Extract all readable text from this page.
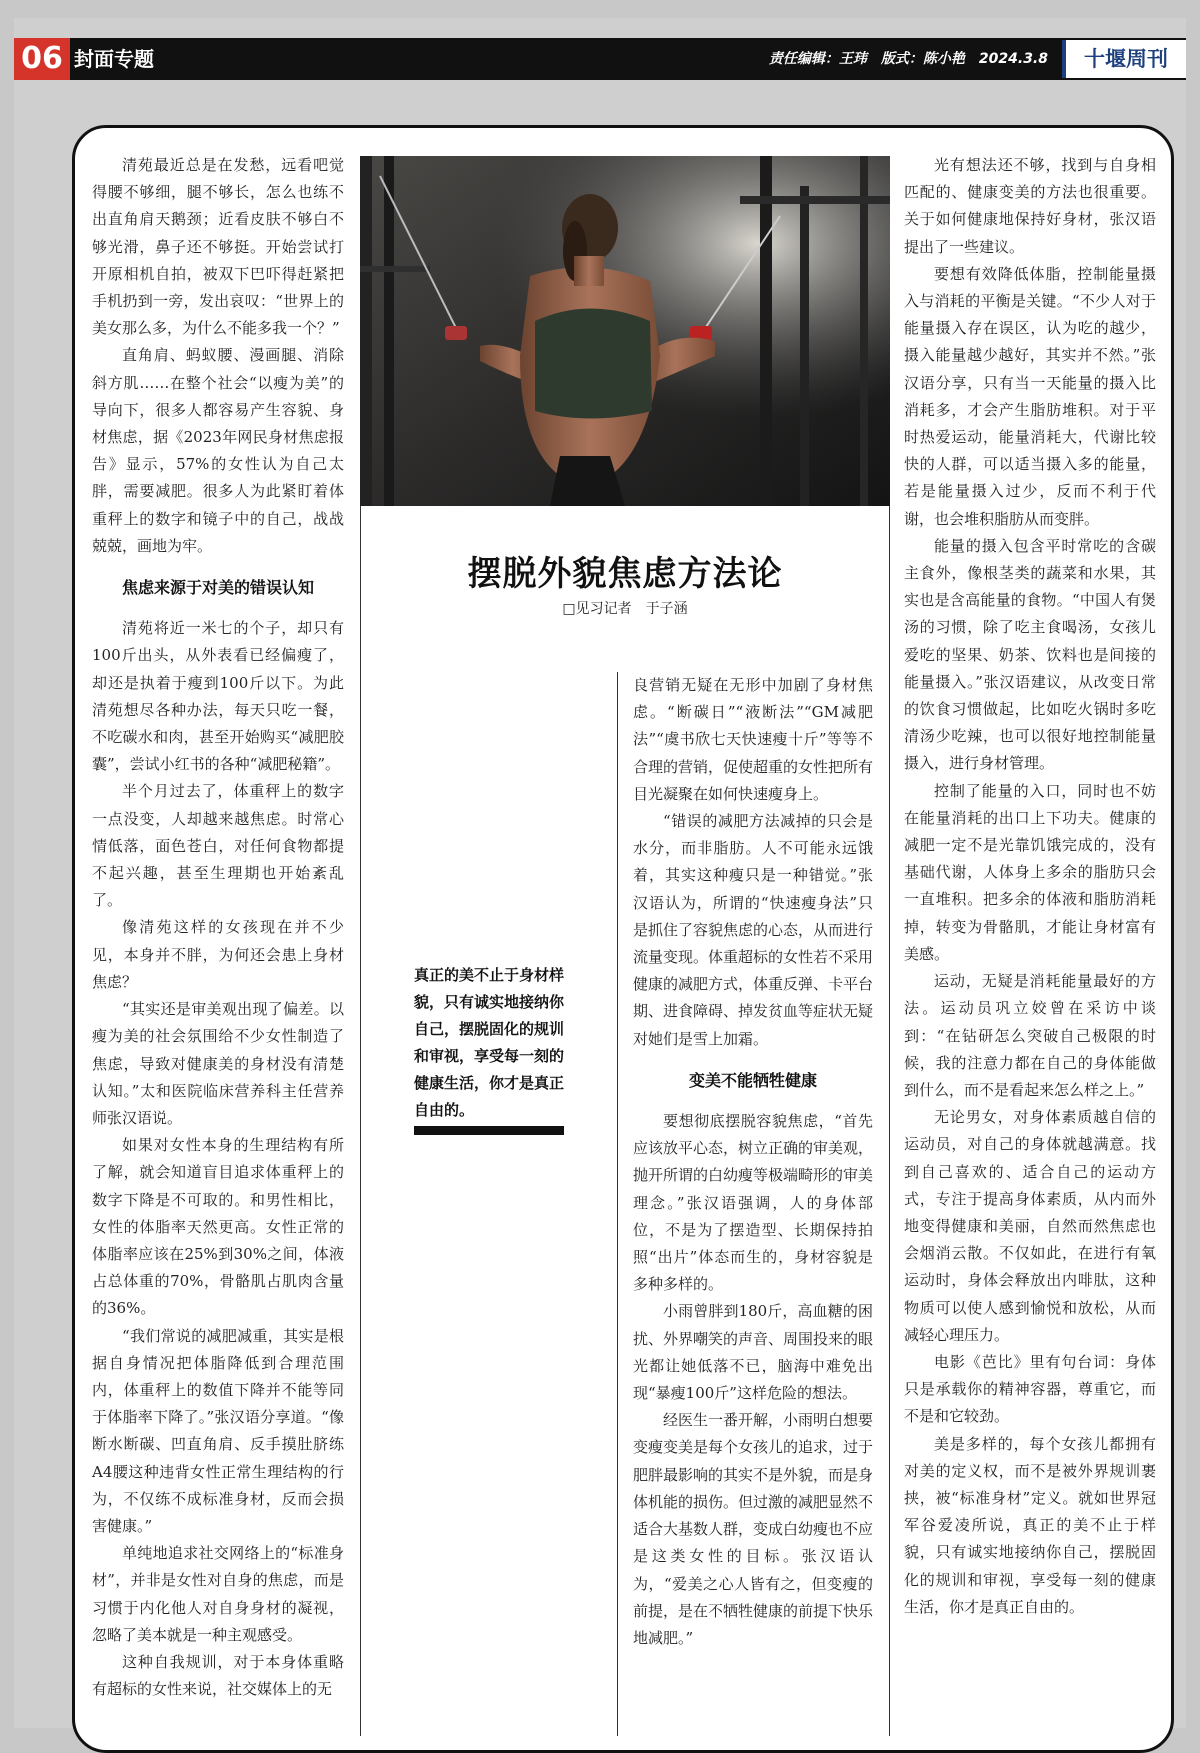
06 封面专题	责任编辑：王玮　版式：陈小艳　2024.3.8	十堰周刊

清苑最近总是在发愁，远看吧觉得腰不够细，腿不够长，怎么也练不出直角肩天鹅颈；近看皮肤不够白不够光滑，鼻子还不够挺。开始尝试打开原相机自拍，被双下巴吓得赶紧把手机扔到一旁，发出哀叹：“世界上的美女那么多，为什么不能多我一个？”

直角肩、蚂蚁腰、漫画腿、消除斜方肌……在整个社会“以瘦为美”的导向下，很多人都容易产生容貌、身材焦虑，据《2023年网民身材焦虑报告》显示，57%的女性认为自己太胖，需要减肥。很多人为此紧盯着体重秤上的数字和镜子中的自己，战战兢兢，画地为牢。

焦虑来源于对美的错误认知

清苑将近一米七的个子，却只有100斤出头，从外表看已经偏瘦了，却还是执着于瘦到100斤以下。为此清苑想尽各种办法，每天只吃一餐，不吃碳水和肉，甚至开始购买“减肥胶囊”，尝试小红书的各种“减肥秘籍”。

半个月过去了，体重秤上的数字一点没变，人却越来越焦虑。时常心情低落，面色苍白，对任何食物都提不起兴趣，甚至生理期也开始紊乱了。

像清苑这样的女孩现在并不少见，本身并不胖，为何还会患上身材焦虑？

“其实还是审美观出现了偏差。以瘦为美的社会氛围给不少女性制造了焦虑，导致对健康美的身材没有清楚认知。”太和医院临床营养科主任营养师张汉语说。

如果对女性本身的生理结构有所了解，就会知道盲目追求体重秤上的数字下降是不可取的。和男性相比，女性的体脂率天然更高。女性正常的体脂率应该在25%到30%之间，体液占总体重的70%，骨骼肌占肌肉含量的36%。

“我们常说的减肥减重，其实是根据自身情况把体脂降低到合理范围内，体重秤上的数值下降并不能等同于体脂率下降了。”张汉语分享道。“像断水断碳、凹直角肩、反手摸肚脐练A4腰这种违背女性正常生理结构的行为，不仅练不成标准身材，反而会损害健康。”

单纯地追求社交网络上的“标准身材”，并非是女性对自身的焦虑，而是习惯于内化他人对自身身材的凝视，忽略了美本就是一种主观感受。

这种自我规训，对于本身体重略有超标的女性来说，社交媒体上的无

摆脱外貌焦虑方法论
□见习记者　于子涵
真正的美不止于身材样貌，只有诚实地接纳你自己，摆脱固化的规训和审视，享受每一刻的健康生活，你才是真正自由的。

良营销无疑在无形中加剧了身材焦虑。“断碳日”“液断法”“GM减肥法”“虞书欣七天快速瘦十斤”等等不合理的营销，促使超重的女性把所有目光凝聚在如何快速瘦身上。

“错误的减肥方法减掉的只会是水分，而非脂肪。人不可能永远饿着，其实这种瘦只是一种错觉。”张汉语认为，所谓的“快速瘦身法”只是抓住了容貌焦虑的心态，从而进行流量变现。体重超标的女性若不采用健康的减肥方式，体重反弹、卡平台期、进食障碍、掉发贫血等症状无疑对她们是雪上加霜。

变美不能牺牲健康

要想彻底摆脱容貌焦虑，“首先应该放平心态，树立正确的审美观，抛开所谓的白幼瘦等极端畸形的审美理念。”张汉语强调，人的身体部位，不是为了摆造型、长期保持拍照“出片”体态而生的，身材容貌是多种多样的。

小雨曾胖到180斤，高血糖的困扰、外界嘲笑的声音、周围投来的眼光都让她低落不已，脑海中难免出现“暴瘦100斤”这样危险的想法。

经医生一番开解，小雨明白想要变瘦变美是每个女孩儿的追求，过于肥胖最影响的其实不是外貌，而是身体机能的损伤。但过激的减肥显然不适合大基数人群，变成白幼瘦也不应是这类女性的目标。张汉语认为，“爱美之心人皆有之，但变瘦的前提，是在不牺牲健康的前提下快乐地减肥。”

光有想法还不够，找到与自身相匹配的、健康变美的方法也很重要。关于如何健康地保持好身材，张汉语提出了一些建议。

要想有效降低体脂，控制能量摄入与消耗的平衡是关键。“不少人对于能量摄入存在误区，认为吃的越少，摄入能量越少越好，其实并不然。”张汉语分享，只有当一天能量的摄入比消耗多，才会产生脂肪堆积。对于平时热爱运动，能量消耗大，代谢比较快的人群，可以适当摄入多的能量，若是能量摄入过少，反而不利于代谢，也会堆积脂肪从而变胖。

能量的摄入包含平时常吃的含碳主食外，像根茎类的蔬菜和水果，其实也是含高能量的食物。“中国人有煲汤的习惯，除了吃主食喝汤，女孩儿爱吃的坚果、奶茶、饮料也是间接的能量摄入。”张汉语建议，从改变日常的饮食习惯做起，比如吃火锅时多吃清汤少吃辣，也可以很好地控制能量摄入，进行身材管理。

控制了能量的入口，同时也不妨在能量消耗的出口上下功夫。健康的减肥一定不是光靠饥饿完成的，没有基础代谢，人体身上多余的脂肪只会一直堆积。把多余的体液和脂肪消耗掉，转变为骨骼肌，才能让身材富有美感。

运动，无疑是消耗能量最好的方法。运动员巩立姣曾在采访中谈到：“在钻研怎么突破自己极限的时候，我的注意力都在自己的身体能做到什么，而不是看起来怎么样之上。”

无论男女，对身体素质越自信的运动员，对自己的身体就越满意。找到自己喜欢的、适合自己的运动方式，专注于提高身体素质，从内而外地变得健康和美丽，自然而然焦虑也会烟消云散。不仅如此，在进行有氧运动时，身体会释放出内啡肽，这种物质可以使人感到愉悦和放松，从而减轻心理压力。

电影《芭比》里有句台词：身体只是承载你的精神容器，尊重它，而不是和它较劲。

美是多样的，每个女孩儿都拥有对美的定义权，而不是被外界规训裹挟，被“标准身材”定义。就如世界冠军谷爱凌所说，真正的美不止于样貌，只有诚实地接纳你自己，摆脱固化的规训和审视，享受每一刻的健康生活，你才是真正自由的。
